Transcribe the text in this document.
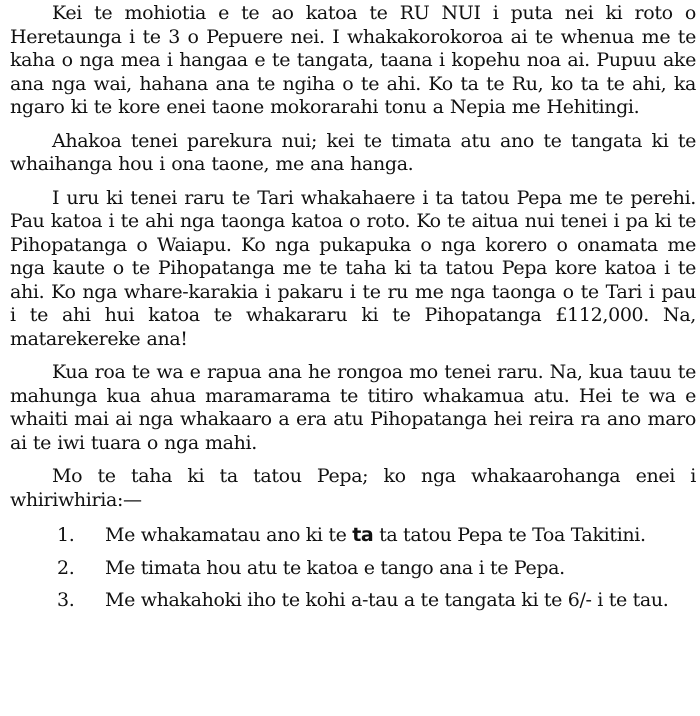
Kei te mohiotia e te ao katoa te RU NUI i puta nei ki roto o Heretaunga i te 3 o Pepuere nei. I whakakorokoroa ai te whenua me te kaha o nga mea i hangaa e te tangata, taana i kopehu noa ai. Pupuu ake ana nga wai, hahana ana te ngiha o te ahi. Ko ta te Ru, ko ta te ahi, ka ngaro ki te kore enei taone mokorarahi tonu a Nepia me Hehitingi.

Ahakoa tenei parekura nui; kei te timata atu ano te tangata ki te whaihanga hou i ona taone, me ana hanga.

I uru ki tenei raru te Tari whakahaere i ta tatou Pepa me te perehi. Pau katoa i te ahi nga taonga katoa o roto. Ko te aitua nui tenei i pa ki te Pihopatanga o Waiapu. Ko nga pukapuka o nga korero o onamata me nga kaute o te Pihopatanga me te taha ki ta tatou Pepa kore katoa i te ahi. Ko nga whare-karakia i pakaru i te ru me nga taonga o te Tari i pau i te ahi hui katoa te whakararu ki te Pihopatanga £112,000. Na, matarekereke ana!

Kua roa te wa e rapua ana he rongoa mo tenei raru. Na, kua tauu te mahunga kua ahua maramarama te titiro whakamua atu. Hei te wa e whaiti mai ai nga whakaaro a era atu Pihopatanga hei reira ra ano maro ai te iwi tuara o nga mahi.

Mo te taha ki ta tatou Pepa; ko nga whakaarohanga enei i whiriwhiria:—

1. Me whakamatau ano ki te ta ta tatou Pepa te Toa Takitini.
2. Me timata hou atu te katoa e tango ana i te Pepa.
3. Me whakahoki iho te kohi a-tau a te tangata ki te 6/- i te tau.
